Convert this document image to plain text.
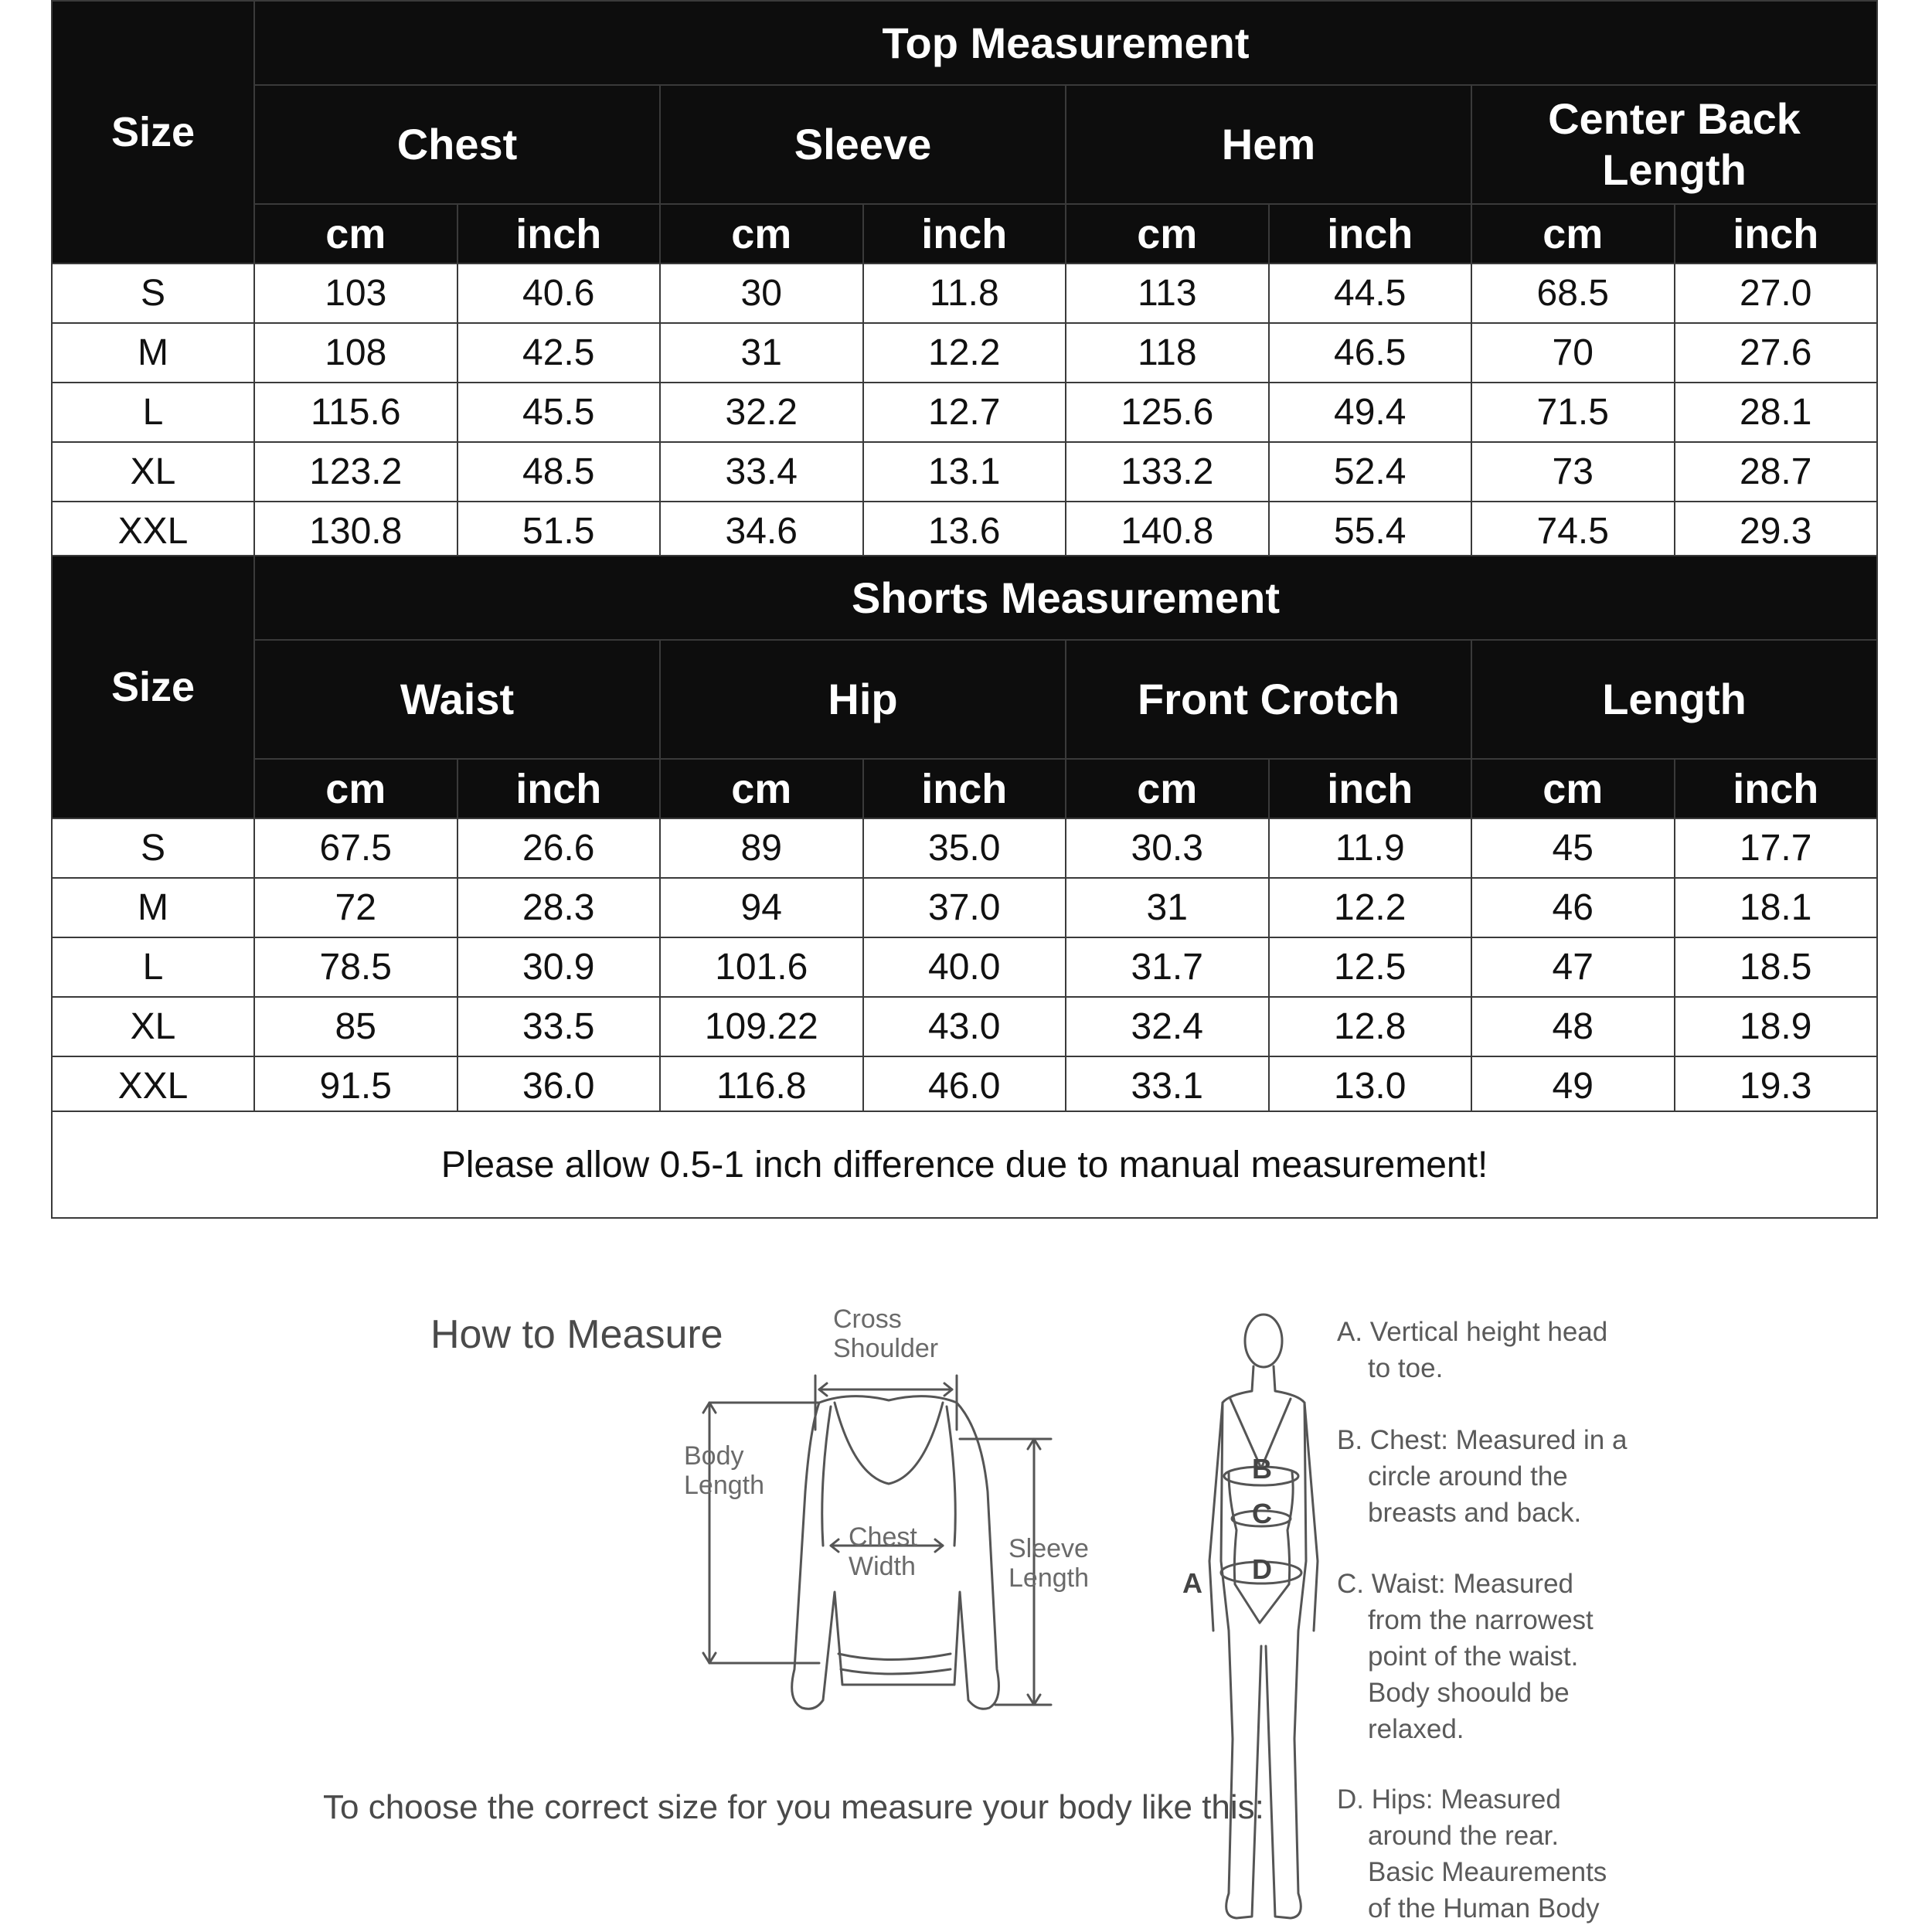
Size	Top Measurement							
	Chest		Sleeve		Hem		Center Back Length	
	cm	inch	cm	inch	cm	inch	cm	inch
S	103	40.6	30	11.8	113	44.5	68.5	27.0
M	108	42.5	31	12.2	118	46.5	70	27.6
L	115.6	45.5	32.2	12.7	125.6	49.4	71.5	28.1
XL	123.2	48.5	33.4	13.1	133.2	52.4	73	28.7
XXL	130.8	51.5	34.6	13.6	140.8	55.4	74.5	29.3
Size	Shorts Measurement							
	Waist		Hip		Front Crotch		Length	
	cm	inch	cm	inch	cm	inch	cm	inch
S	67.5	26.6	89	35.0	30.3	11.9	45	17.7
M	72	28.3	94	37.0	31	12.2	46	18.1
L	78.5	30.9	101.6	40.0	31.7	12.5	47	18.5
XL	85	33.5	109.22	43.0	32.4	12.8	48	18.9
XXL	91.5	36.0	116.8	46.0	33.1	13.0	49	19.3
Please allow 0.5-1 inch difference due to manual measurement!
How to Measure
To choose the correct size for you measure your body like this:
Cross
Shoulder
Body
Length
Chest
Width
Sleeve
Length
B
C
D
A
A. Vertical height head
to toe.
B. Chest: Measured in a
circle around the
breasts and back.
C. Waist: Measured
from the narrowest
point of the waist.
Body shoould be
relaxed.
D. Hips: Measured
around the rear.
Basic Meaurements
of the Human Body
